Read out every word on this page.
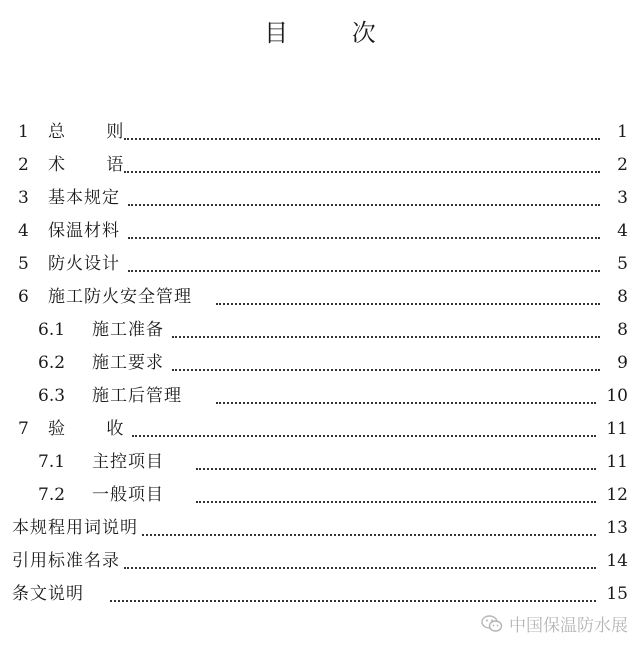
目 次
1 总 则	1
2 术 语	2
3 基本规定	3
4 保温材料	4
5 防火设计	5
6 施工防火安全管理	8
6.1 施工准备	8
6.2 施工要求	9
6.3 施工后管理	10
7 验 收	11
7.1 主控项目	11
7.2 一般项目	12
本规程用词说明	13
引用标准名录	14
条文说明	15
中国保温防水展
